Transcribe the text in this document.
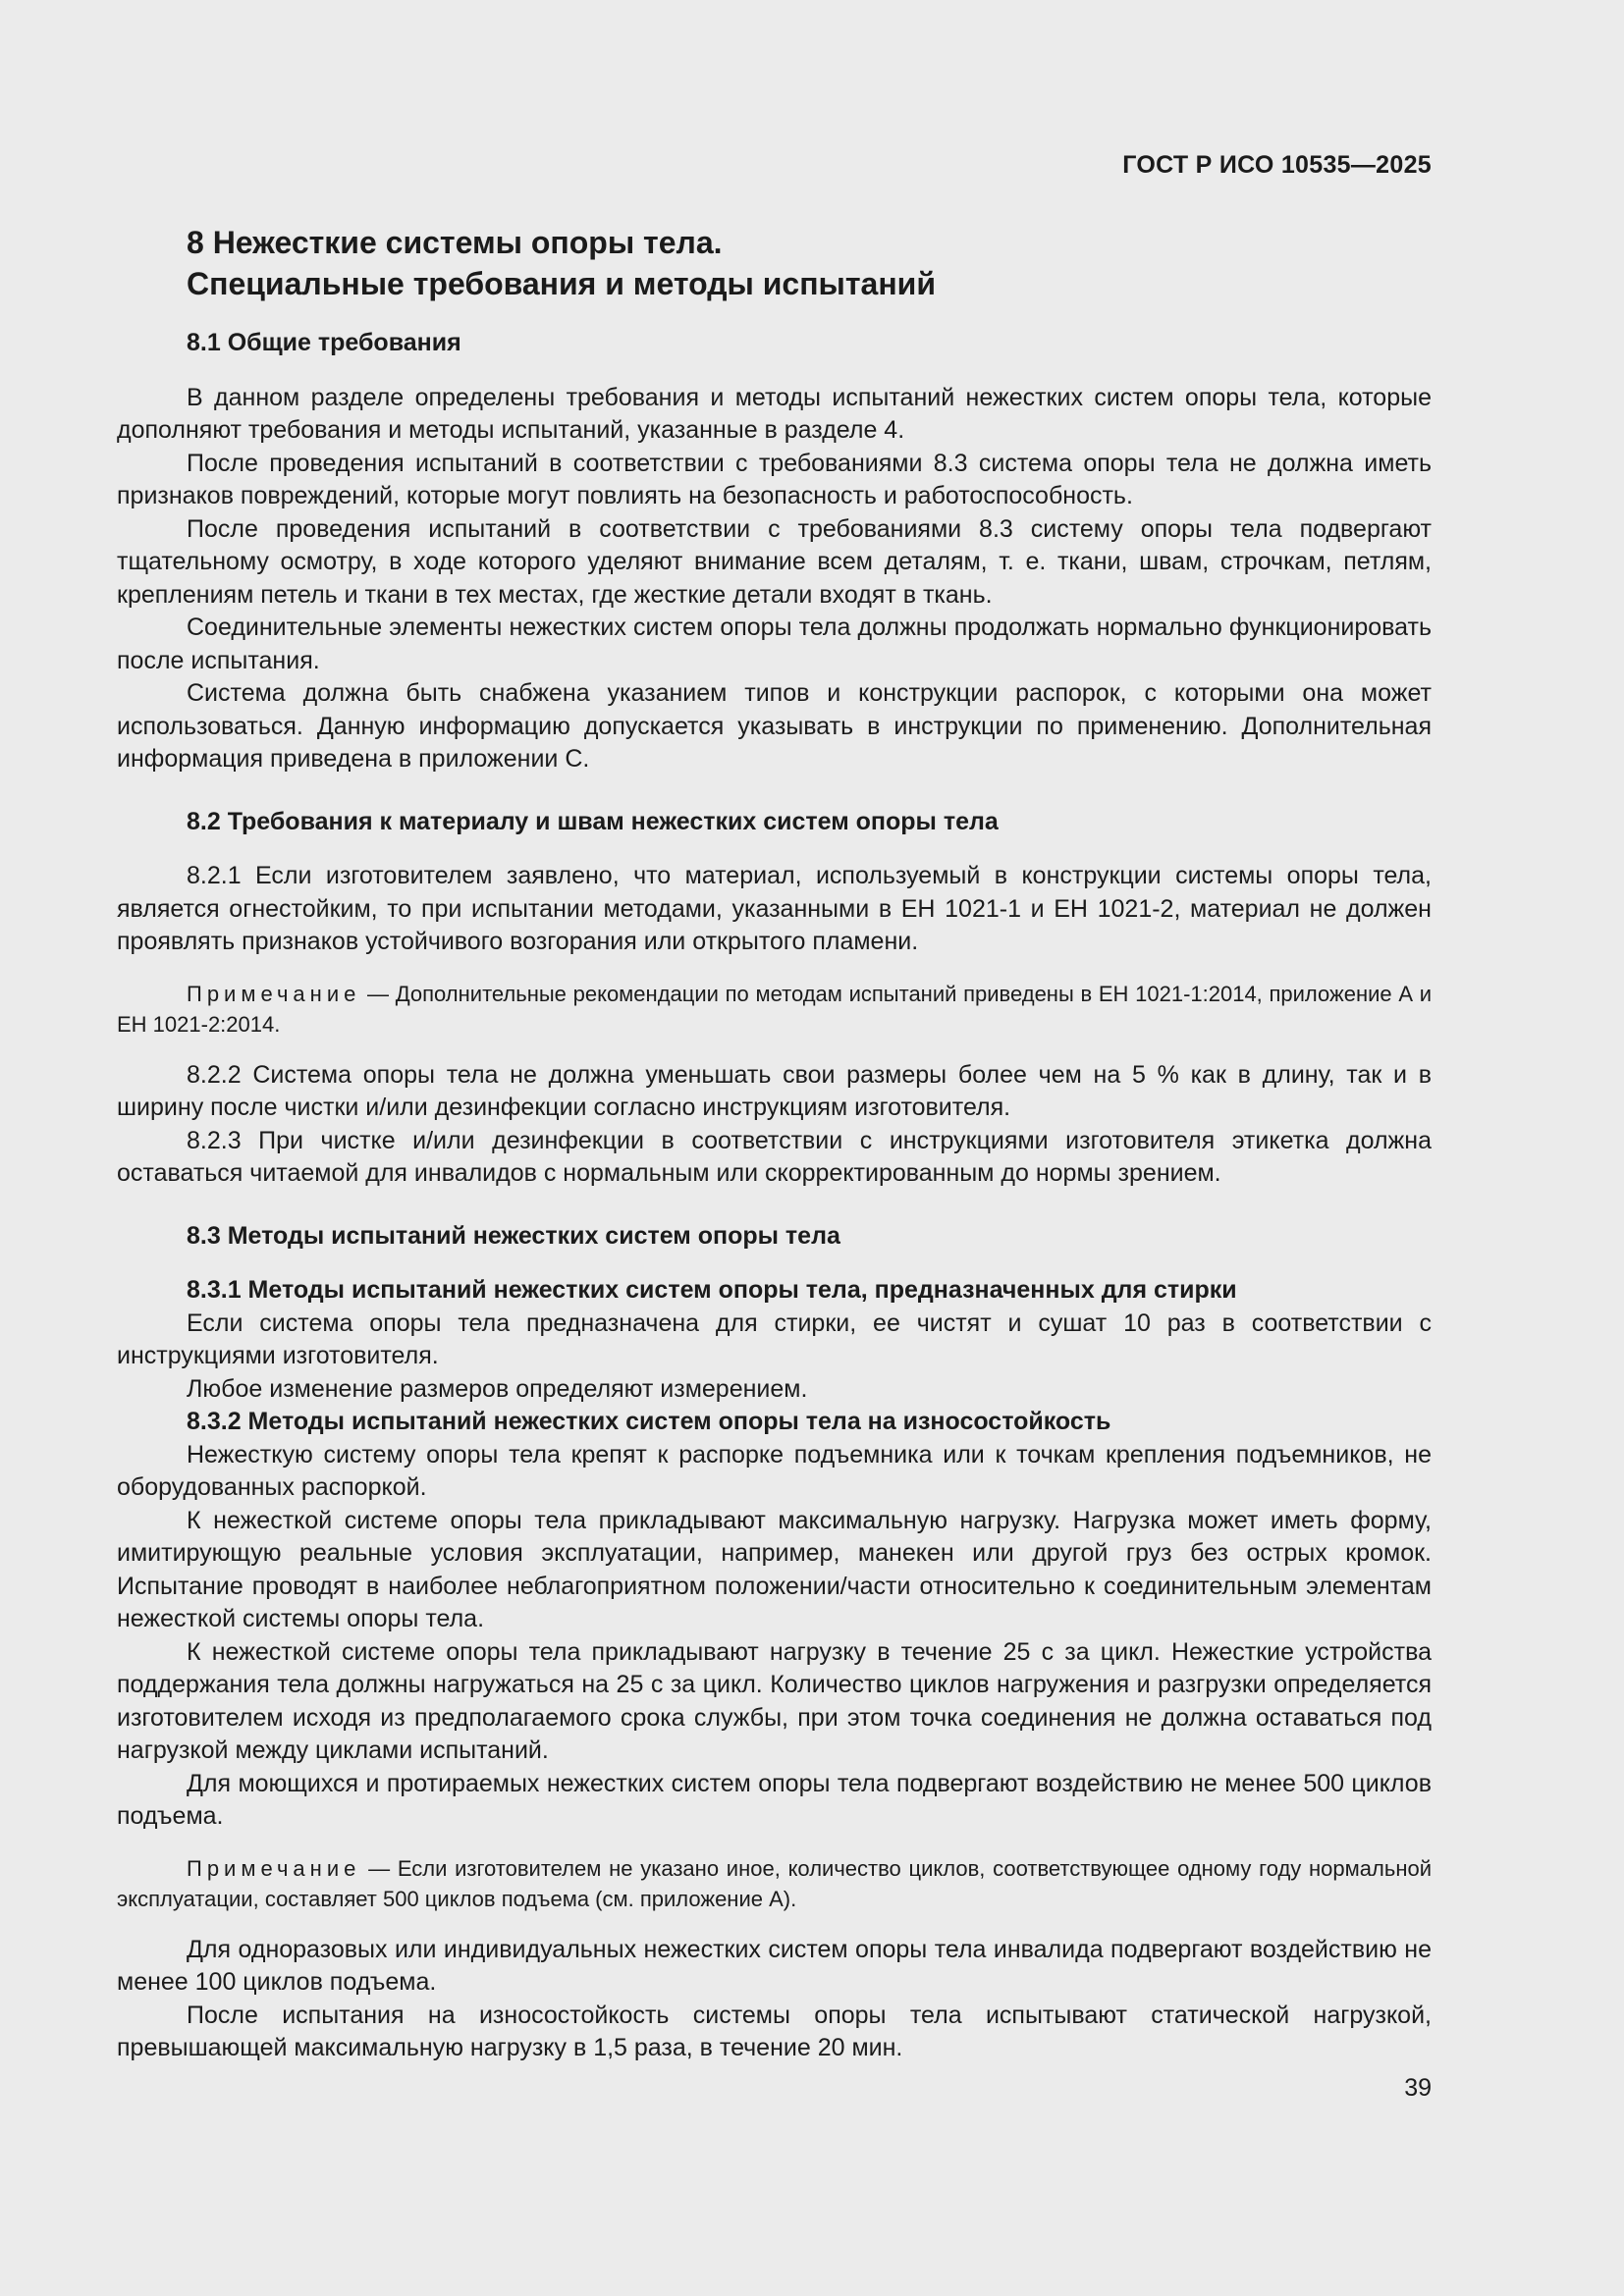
ГОСТ Р ИСО 10535—2025
8 Нежесткие системы опоры тела.
Специальные требования и методы испытаний
8.1 Общие требования

В данном разделе определены требования и методы испытаний нежестких систем опоры тела, которые дополняют требования и методы испытаний, указанные в разделе 4.

После проведения испытаний в соответствии с требованиями 8.3 система опоры тела не должна иметь признаков повреждений, которые могут повлиять на безопасность и работоспособность.

После проведения испытаний в соответствии с требованиями 8.3 систему опоры тела подвергают тщательному осмотру, в ходе которого уделяют внимание всем деталям, т. е. ткани, швам, строчкам, петлям, креплениям петель и ткани в тех местах, где жесткие детали входят в ткань.

Соединительные элементы нежестких систем опоры тела должны продолжать нормально функционировать после испытания.

Система должна быть снабжена указанием типов и конструкции распорок, с которыми она может использоваться. Данную информацию допускается указывать в инструкции по применению. Дополнительная информация приведена в приложении С.

8.2 Требования к материалу и швам нежестких систем опоры тела

8.2.1 Если изготовителем заявлено, что материал, используемый в конструкции системы опоры тела, является огнестойким, то при испытании методами, указанными в ЕН 1021-1 и ЕН 1021-2, материал не должен проявлять признаков устойчивого возгорания или открытого пламени.

Примечание — Дополнительные рекомендации по методам испытаний приведены в ЕН 1021-1:2014, приложение А и ЕН 1021-2:2014.

8.2.2 Система опоры тела не должна уменьшать свои размеры более чем на 5 % как в длину, так и в ширину после чистки и/или дезинфекции согласно инструкциям изготовителя.

8.2.3 При чистке и/или дезинфекции в соответствии с инструкциями изготовителя этикетка должна оставаться читаемой для инвалидов с нормальным или скорректированным до нормы зрением.

8.3 Методы испытаний нежестких систем опоры тела
8.3.1 Методы испытаний нежестких систем опоры тела, предназначенных для стирки

Если система опоры тела предназначена для стирки, ее чистят и сушат 10 раз в соответствии с инструкциями изготовителя.

Любое изменение размеров определяют измерением.

8.3.2 Методы испытаний нежестких систем опоры тела на износостойкость

Нежесткую систему опоры тела крепят к распорке подъемника или к точкам крепления подъемников, не оборудованных распоркой.

К нежесткой системе опоры тела прикладывают максимальную нагрузку. Нагрузка может иметь форму, имитирующую реальные условия эксплуатации, например, манекен или другой груз без острых кромок. Испытание проводят в наиболее неблагоприятном положении/части относительно к соединительным элементам нежесткой системы опоры тела.

К нежесткой системе опоры тела прикладывают нагрузку в течение 25 с за цикл. Нежесткие устройства поддержания тела должны нагружаться на 25 с за цикл. Количество циклов нагружения и разгрузки определяется изготовителем исходя из предполагаемого срока службы, при этом точка соединения не должна оставаться под нагрузкой между циклами испытаний.

Для моющихся и протираемых нежестких систем опоры тела подвергают воздействию не менее 500 циклов подъема.

Примечание — Если изготовителем не указано иное, количество циклов, соответствующее одному году нормальной эксплуатации, составляет 500 циклов подъема (см. приложение А).

Для одноразовых или индивидуальных нежестких систем опоры тела инвалида подвергают воздействию не менее 100 циклов подъема.

После испытания на износостойкость системы опоры тела испытывают статической нагрузкой, превышающей максимальную нагрузку в 1,5 раза, в течение 20 мин.

39
